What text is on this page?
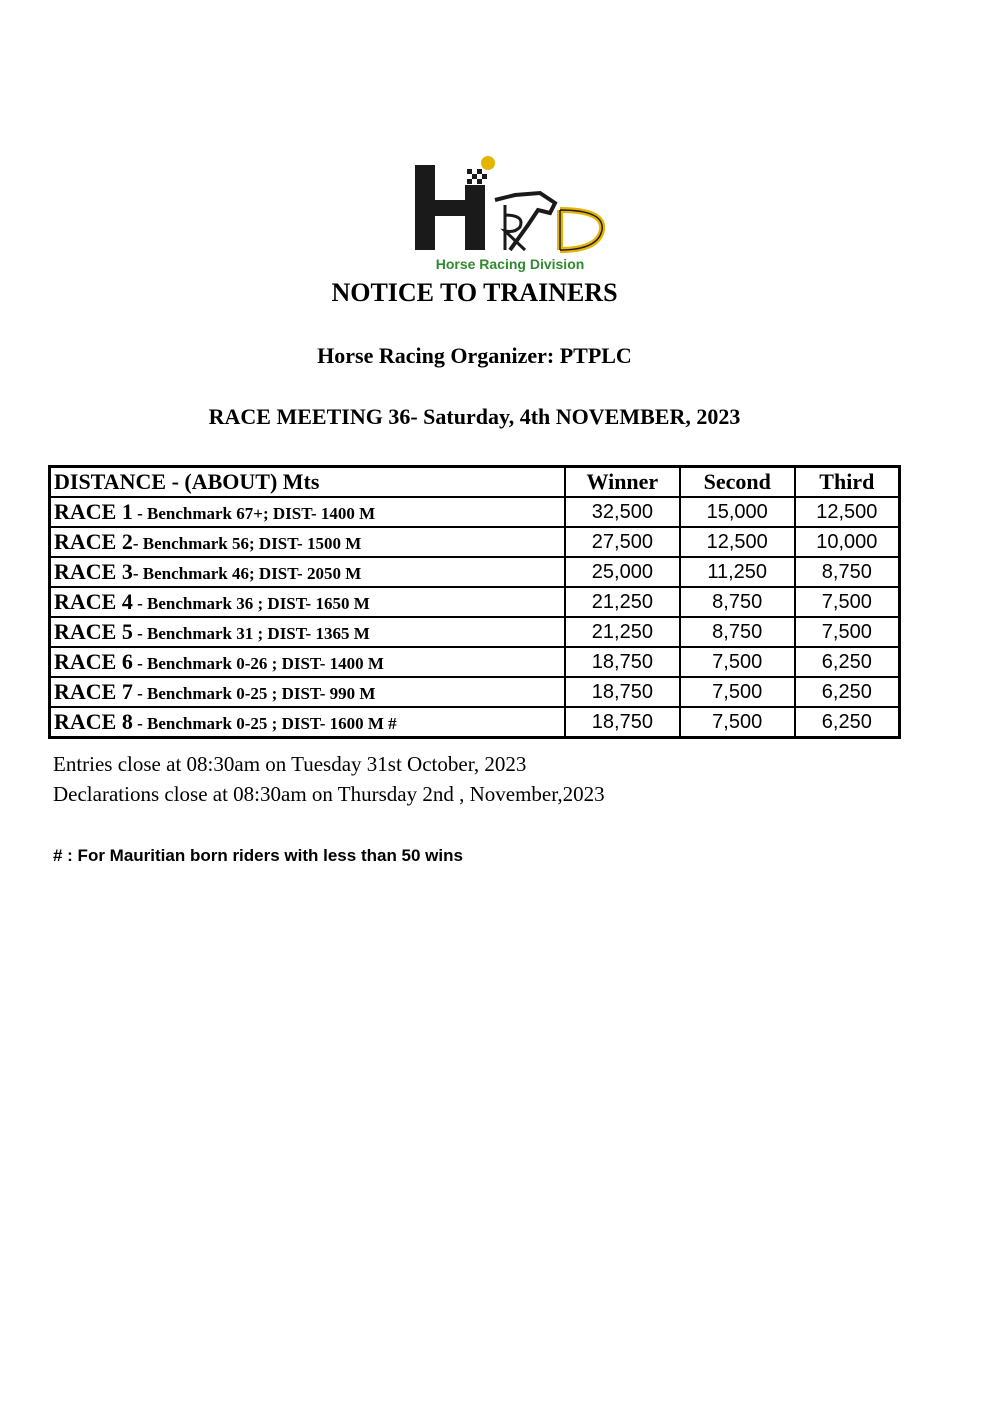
Horse Racing Division
NOTICE TO TRAINERS
Horse Racing Organizer: PTPLC
RACE MEETING 36- Saturday, 4th NOVEMBER, 2023
DISTANCE - (ABOUT) Mts	Winner	Second	Third
RACE 1 - Benchmark 67+; DIST- 1400 M	32,500	15,000	12,500
RACE 2- Benchmark 56; DIST- 1500 M	27,500	12,500	10,000
RACE 3- Benchmark 46; DIST- 2050 M	25,000	11,250	8,750
RACE 4 - Benchmark 36 ; DIST- 1650 M	21,250	8,750	7,500
RACE 5 - Benchmark 31 ; DIST- 1365 M	21,250	8,750	7,500
RACE 6 - Benchmark 0-26 ; DIST- 1400 M	18,750	7,500	6,250
RACE 7 - Benchmark 0-25 ; DIST- 990 M	18,750	7,500	6,250
RACE 8 - Benchmark 0-25 ; DIST- 1600 M #	18,750	7,500	6,250
Entries close at 08:30am on Tuesday 31st October, 2023
Declarations close at 08:30am on Thursday 2nd , November,2023
# : For Mauritian born riders with less than 50 wins
